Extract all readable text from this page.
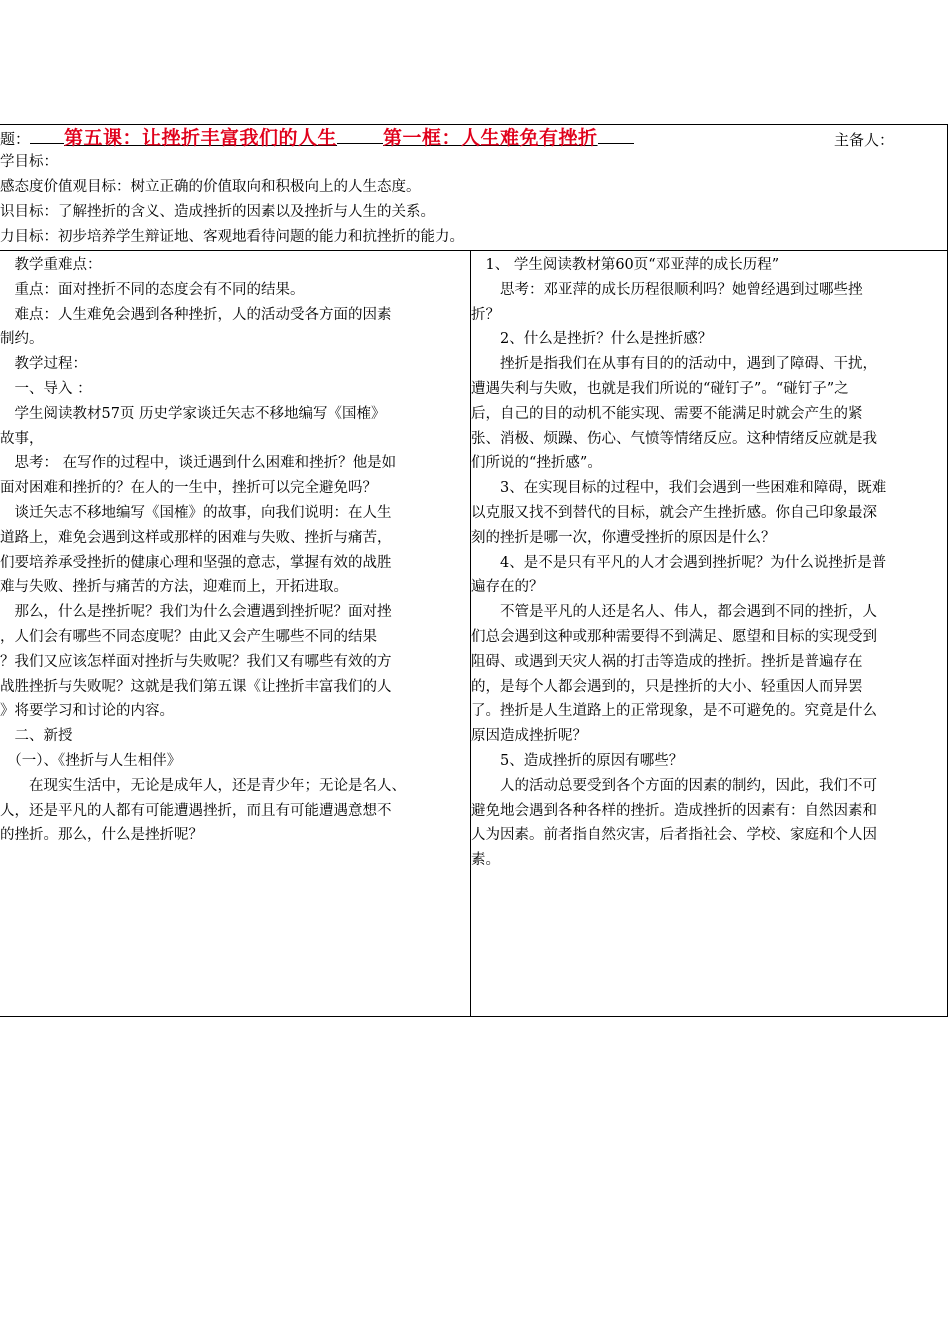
题： 第五课：让挫折丰富我们的人生 第一框：人生难免有挫折	主备人：
学目标：
感态度价值观目标：树立正确的价值取向和积极向上的人生态度。
识目标：了解挫折的含义、造成挫折的因素以及挫折与人生的关系。
力目标：初步培养学生辩证地、客观地看待问题的能力和抗挫折的能力。

　教学重难点：

　重点：面对挫折不同的态度会有不同的结果。

　难点：人生难免会遇到各种挫折，人的活动受各方面的因素

制约。

　教学过程：

　一、导入 ：

　学生阅读教材57页 历史学家谈迁矢志不移地编写《国榷》

故事，

　思考： 在写作的过程中，谈迁遇到什么困难和挫折？他是如

面对困难和挫折的？在人的一生中，挫折可以完全避免吗？

　谈迁矢志不移地编写《国榷》的故事，向我们说明：在人生

道路上，难免会遇到这样或那样的困难与失败、挫折与痛苦，

们要培养承受挫折的健康心理和坚强的意志，掌握有效的战胜

难与失败、挫折与痛苦的方法，迎难而上，开拓进取。

　那么，什么是挫折呢？我们为什么会遭遇到挫折呢？面对挫

，人们会有哪些不同态度呢？由此又会产生哪些不同的结果

？我们又应该怎样面对挫折与失败呢？我们又有哪些有效的方

战胜挫折与失败呢？这就是我们第五课《让挫折丰富我们的人

》将要学习和讨论的内容。

　二、新授

　（一）、《挫折与人生相伴》

　　在现实生活中，无论是成年人，还是青少年；无论是名人、

人，还是平凡的人都有可能遭遇挫折，而且有可能遭遇意想不

的挫折。那么，什么是挫折呢？

　1、 学生阅读教材第60页“邓亚萍的成长历程”

　　思考：邓亚萍的成长历程很顺利吗？她曾经遇到过哪些挫

折？

　　2、什么是挫折？什么是挫折感？

　　挫折是指我们在从事有目的的活动中，遇到了障碍、干扰，

遭遇失利与失败，也就是我们所说的“碰钉子”。“碰钉子”之

后，自己的目的动机不能实现、需要不能满足时就会产生的紧

张、消极、烦躁、伤心、气愤等情绪反应。这种情绪反应就是我

们所说的“挫折感”。

　　3、在实现目标的过程中，我们会遇到一些困难和障碍，既难

以克服又找不到替代的目标，就会产生挫折感。你自己印象最深

刻的挫折是哪一次，你遭受挫折的原因是什么？

　　4、是不是只有平凡的人才会遇到挫折呢？为什么说挫折是普

遍存在的？

　　不管是平凡的人还是名人、伟人，都会遇到不同的挫折，人

们总会遇到这种或那种需要得不到满足、愿望和目标的实现受到

阻碍、或遇到天灾人祸的打击等造成的挫折。挫折是普遍存在

的，是每个人都会遇到的，只是挫折的大小、轻重因人而异罢

了。挫折是人生道路上的正常现象，是不可避免的。究竟是什么

原因造成挫折呢？

　　5、造成挫折的原因有哪些？

　　人的活动总要受到各个方面的因素的制约，因此，我们不可

避免地会遇到各种各样的挫折。造成挫折的因素有：自然因素和

人为因素。前者指自然灾害，后者指社会、学校、家庭和个人因

素。
